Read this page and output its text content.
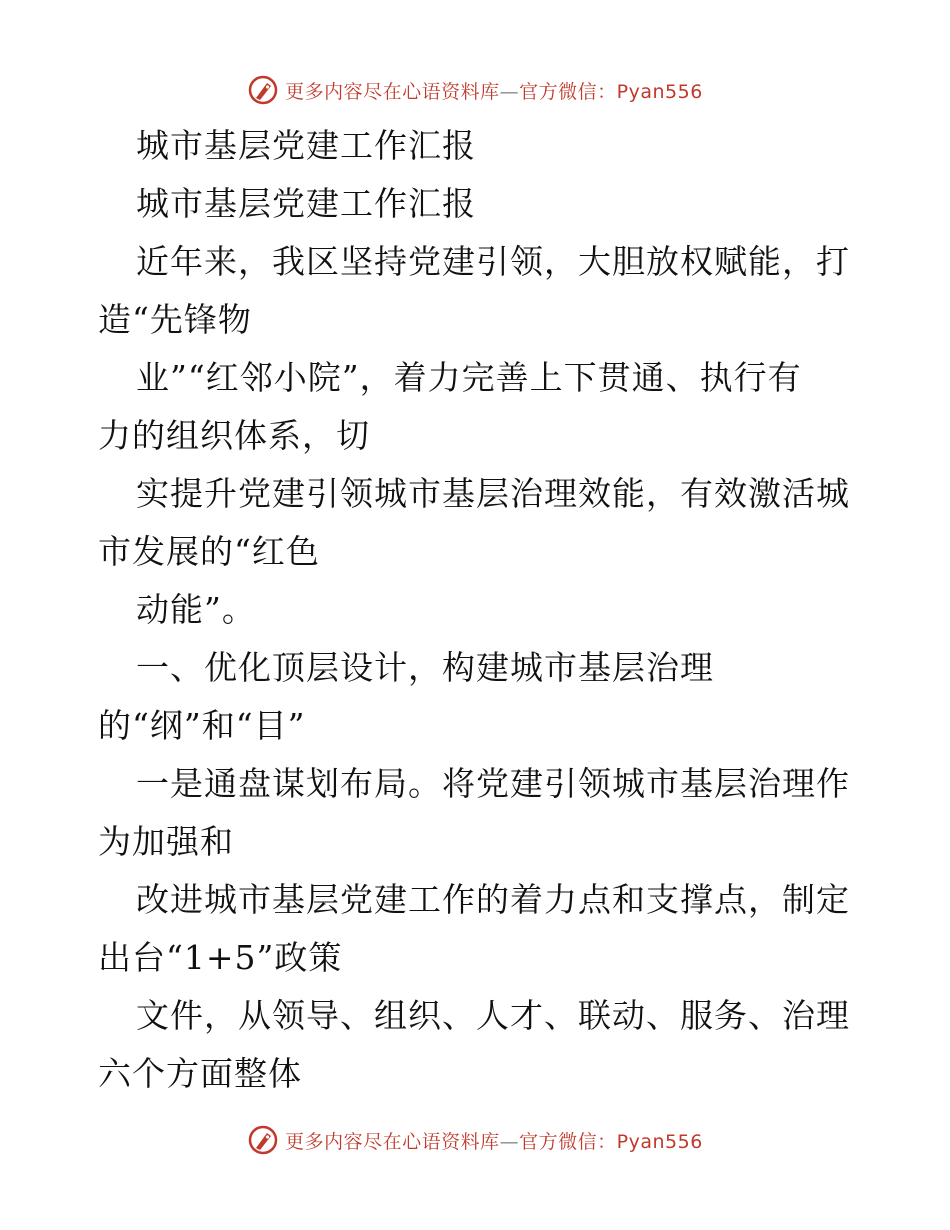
更多内容尽在心语资料库—官方微信：Pyan556
城市基层党建工作汇报
城市基层党建工作汇报
近年来，我区坚持党建引领，大胆放权赋能，打
造“先锋物
业”“红邻小院”，着力完善上下贯通、执行有
力的组织体系，切
实提升党建引领城市基层治理效能，有效激活城
市发展的“红色
动能”。
一、优化顶层设计，构建城市基层治理
的“纲”和“目”
一是通盘谋划布局。将党建引领城市基层治理作
为加强和
改进城市基层党建工作的着力点和支撑点，制定
出台“1+5”政策
文件，从领导、组织、人才、联动、服务、治理
六个方面整体
更多内容尽在心语资料库—官方微信：Pyan556
